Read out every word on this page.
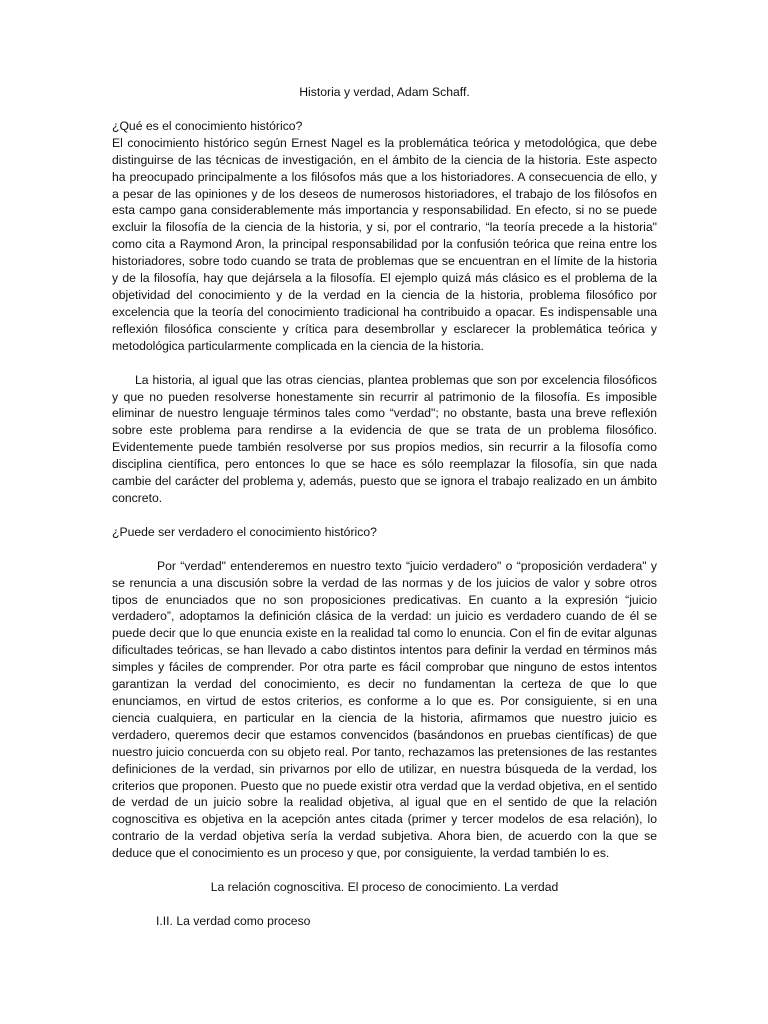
Historia y verdad, Adam Schaff.

¿Qué es el conocimiento histórico?

El conocimiento histórico según Ernest Nagel es la problemática teórica y metodológica, que debe distinguirse de las técnicas de investigación, en el ámbito de la ciencia de la historia. Este aspecto ha preocupado principalmente a los filósofos más que a los historiadores. A consecuencia de ello, y a pesar de las opiniones y de los deseos de numerosos historiadores, el trabajo de los filósofos en esta campo gana considerablemente más importancia y responsabilidad. En efecto, si no se puede excluir la filosofía de la ciencia de la historia, y si, por el contrario, “la teoría precede a la historia" como cita a Raymond Aron, la principal responsabilidad por la confusión teórica que reina entre los historiadores, sobre todo cuando se trata de problemas que se encuentran en el límite de la historia y de la filosofía, hay que dejársela a la filosofía. El ejemplo quizá más clásico es el problema de la objetividad del conocimiento y de la verdad en la ciencia de la historia, problema filosófico por excelencia que la teoría del conocimiento tradicional ha contribuido a opacar. Es indispensable una reflexión filosófica consciente y crítica para desembrollar y esclarecer la problemática teórica y metodológica particularmente complicada en la ciencia de la historia.

La historia, al igual que las otras ciencias, plantea problemas que son por excelencia filosóficos y que no pueden resolverse honestamente sin recurrir al patrimonio de la filosofía. Es imposible eliminar de nuestro lenguaje términos tales como “verdad"; no obstante, basta una breve reflexión sobre este problema para rendirse a la evidencia de que se trata de un problema filosófico. Evidentemente puede también resolverse por sus propios medios, sin recurrir a la filosofía como disciplina científica, pero entonces lo que se hace es sólo reemplazar la filosofía, sin que nada cambie del carácter del problema y, además, puesto que se ignora el trabajo realizado en un ámbito concreto.

¿Puede ser verdadero el conocimiento histórico?

Por “verdad" entenderemos en nuestro texto “juicio verdadero" o “proposición verdadera" y se renuncia a una discusión sobre la verdad de las normas y de los juicios de valor y sobre otros tipos de enunciados que no son proposiciones predicativas. En cuanto a la expresión “juicio verdadero”, adoptamos la definición clásica de la verdad: un juicio es verdadero cuando de él se puede decir que lo que enuncia existe en la realidad tal como lo enuncia. Con el fin de evitar algunas dificultades teóricas, se han llevado a cabo distintos intentos para definir la verdad en términos más simples y fáciles de comprender. Por otra parte es fácil comprobar que ninguno de estos intentos garantizan la verdad del conocimiento, es decir no fundamentan la certeza de que lo que enunciamos, en virtud de estos criterios, es conforme a lo que es. Por consiguiente, si en una ciencia cualquiera, en particular en la ciencia de la historia, afirmamos que nuestro juicio es verdadero, queremos decir que estamos convencidos (basándonos en pruebas científicas) de que nuestro juicio concuerda con su objeto real. Por tanto, rechazamos las pretensiones de las restantes definiciones de la verdad, sin privarnos por ello de utilizar, en nuestra búsqueda de la verdad, los criterios que proponen. Puesto que no puede existir otra verdad que la verdad objetiva, en el sentido de verdad de un juicio sobre la realidad objetiva, al igual que en el sentido de que la relación cognoscitiva es objetiva en la acepción antes citada (primer y tercer modelos de esa relación), lo contrario de la verdad objetiva sería la verdad subjetiva. Ahora bien, de acuerdo con la que se deduce que el conocimiento es un proceso y que, por consiguiente, la verdad también lo es.

La relación cognoscitiva. El proceso de conocimiento. La verdad

I.II. La verdad como proceso
